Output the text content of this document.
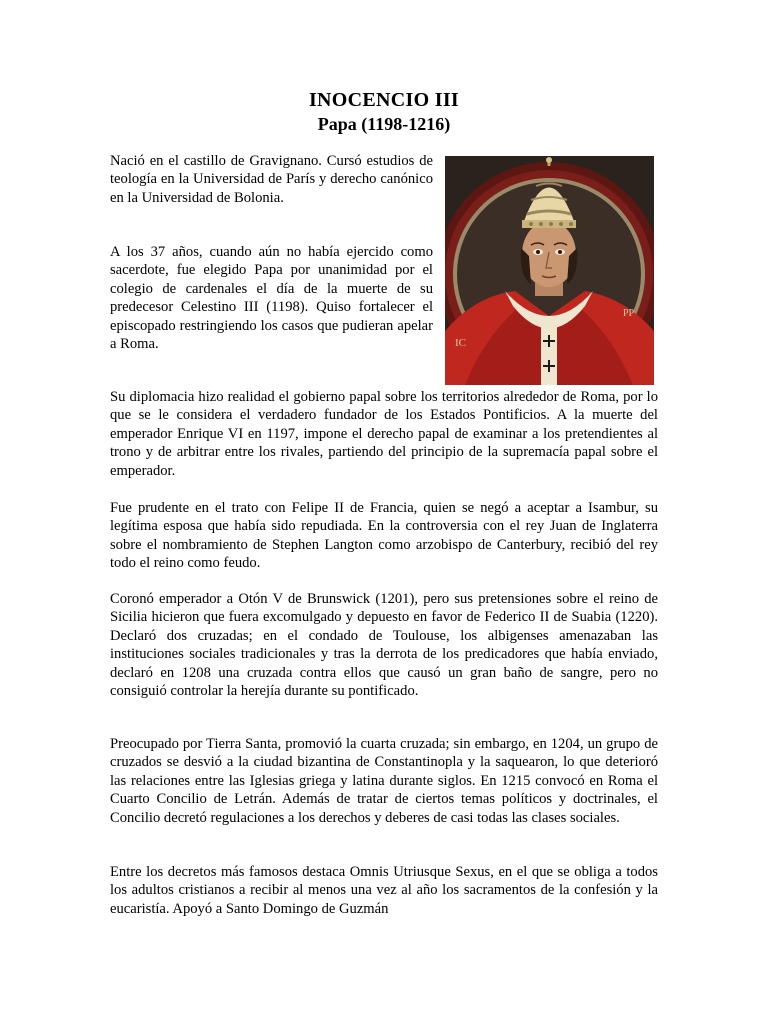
INOCENCIO III
Papa (1198-1216)
IC
PP

Nació en el castillo de Gravignano. Cursó estudios de teología en la Universidad de París y derecho canónico en la Universidad de Bolonia.

A los 37 años, cuando aún no había ejercido como sacerdote, fue elegido Papa por unanimidad por el colegio de cardenales el día de la muerte de su predecesor Celestino III (1198). Quiso fortalecer el episcopado restringiendo los casos que pudieran apelar a Roma.

Su diplomacia hizo realidad el gobierno papal sobre los territorios alrededor de Roma, por lo que se le considera el verdadero fundador de los Estados Pontificios. A la muerte del emperador Enrique VI en 1197, impone el derecho papal de examinar a los pretendientes al trono y de arbitrar entre los rivales, partiendo del principio de la supremacía papal sobre el emperador.

Fue prudente en el trato con Felipe II de Francia, quien se negó a aceptar a Isambur, su legítima esposa que había sido repudiada. En la controversia con el rey Juan de Inglaterra sobre el nombramiento de Stephen Langton como arzobispo de Canterbury, recibió del rey todo el reino como feudo.

Coronó emperador a Otón V de Brunswick (1201), pero sus pretensiones sobre el reino de Sicilia hicieron que fuera excomulgado y depuesto en favor de Federico II de Suabia (1220). Declaró dos cruzadas; en el condado de Toulouse, los albigenses amenazaban las instituciones sociales tradicionales y tras la derrota de los predicadores que había enviado, declaró en 1208 una cruzada contra ellos que causó un gran baño de sangre, pero no consiguió controlar la herejía durante su pontificado.

Preocupado por Tierra Santa, promovió la cuarta cruzada; sin embargo, en 1204, un grupo de cruzados se desvió a la ciudad bizantina de Constantinopla y la saquearon, lo que deterioró las relaciones entre las Iglesias griega y latina durante siglos. En 1215 convocó en Roma el Cuarto Concilio de Letrán. Además de tratar de ciertos temas políticos y doctrinales, el Concilio decretó regulaciones a los derechos y deberes de casi todas las clases sociales.

Entre los decretos más famosos destaca Omnis Utriusque Sexus, en el que se obliga a todos los adultos cristianos a recibir al menos una vez al año los sacramentos de la confesión y la eucaristía. Apoyó a Santo Domingo de Guzmán
